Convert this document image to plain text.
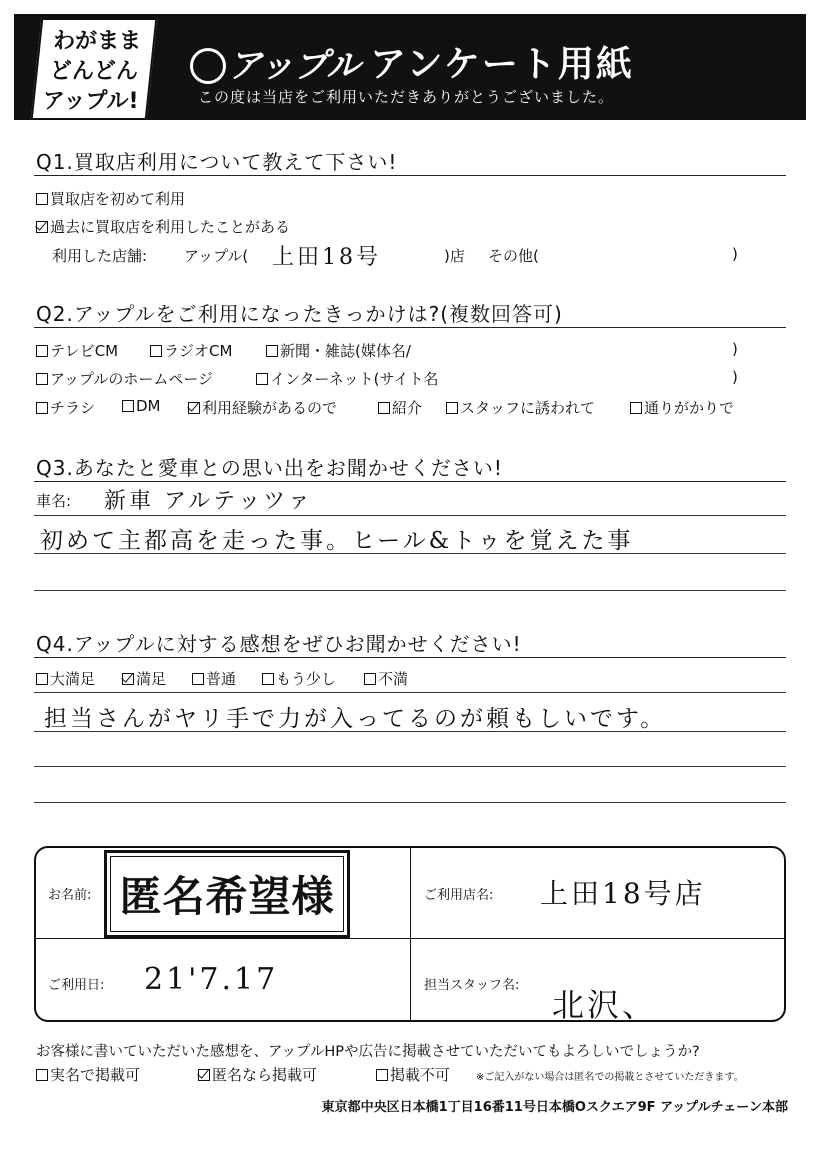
わがまま
どんどん
アップル!
アップル アンケート用紙
この度は当店をご利用いただきありがとうございました。
Q1.買取店利用について教えて下さい!
買取店を初めて利用
過去に買取店を利用したことがある
利用した店舗: アップル( 上田18号	)店 その他(	)
Q2.アップルをご利用になったきっかけは?(複数回答可)
テレビCM	ラジオCM	新聞・雑誌(媒体名/	)
アップルのホームページ	インターネット(サイト名	)
チラシ	DM	利用経験があるので	紹介	スタッフに誘われて	通りがかりで
Q3.あなたと愛車との思い出をお聞かせください!
車名: 新車 アルテッツァ
初めて主都高を走った事。ヒール&トゥを覚えた事
Q4.アップルに対する感想をぜひお聞かせください!
大満足	満足	普通	もう少し	不満
担当さんがヤリ手で力が入ってるのが頼もしいです。
お名前: 匿名希望様	ご利用店名: 上田18号店
ご利用日: 21'7.17	担当スタッフ名:
北沢、
お客様に書いていただいた感想を、アップルHPや広告に掲載させていただいてもよろしいでしょうか?
実名で掲載可	匿名なら掲載可	掲載不可	※ご記入がない場合は匿名での掲載とさせていただきます。
東京都中央区日本橋1丁目16番11号日本橋Oスクエア9F アップルチェーン本部
